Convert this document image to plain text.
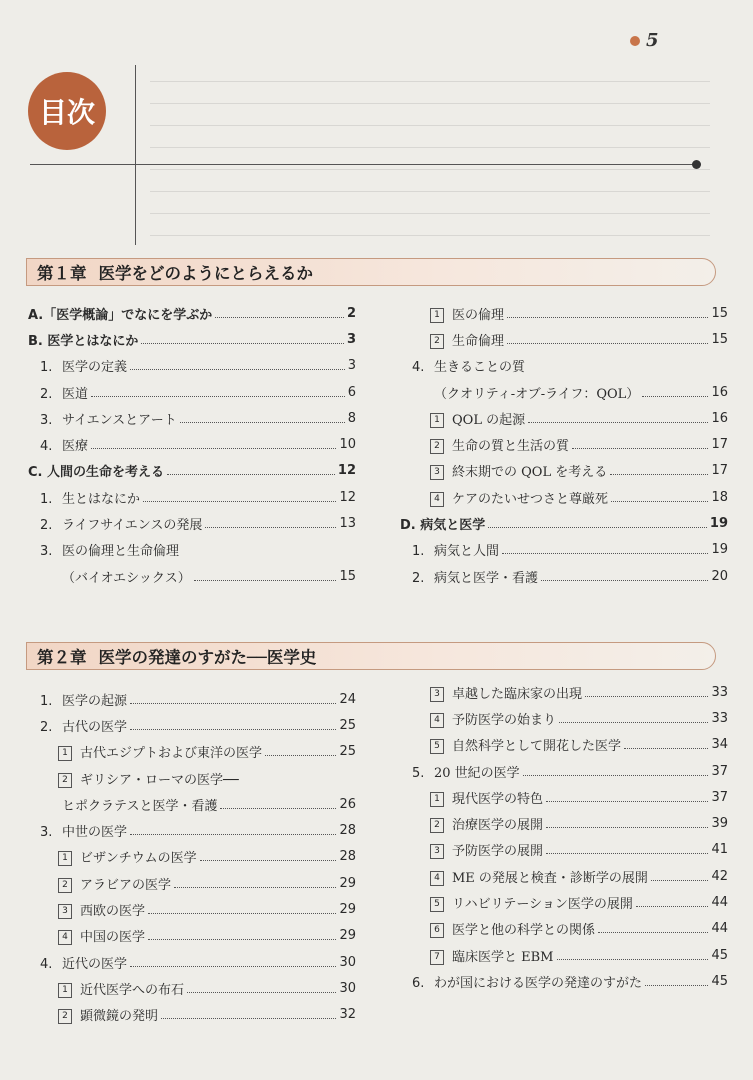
5
目次
第１章 医学をどのようにとらえるか
A.「医学概論」でなにを学ぶか	2
B. 医学とはなにか	3
1. 医学の定義	3
2. 医道	6
3. サイエンスとアート	8
4. 医療	10
C. 人間の生命を考える	12
1. 生とはなにか	12
2. ライフサイエンスの発展	13
3. 医の倫理と生命倫理
（バイオエシックス）	15
1 医の倫理	15
2 生命倫理	15
4. 生きることの質
（クオリティ-オブ-ライフ：QOL）	16
1 QOL の起源	16
2 生命の質と生活の質	17
3 終末期での QOL を考える	17
4 ケアのたいせつさと尊厳死	18
D. 病気と医学	19
1. 病気と人間	19
2. 病気と医学・看護	20
第２章 医学の発達のすがた──医学史
1. 医学の起源	24
2. 古代の医学	25
1 古代エジプトおよび東洋の医学	25
2 ギリシア・ローマの医学──
ヒポクラテスと医学・看護	26
3. 中世の医学	28
1 ビザンチウムの医学	28
2 アラビアの医学	29
3 西欧の医学	29
4 中国の医学	29
4. 近代の医学	30
1 近代医学への布石	30
2 顕微鏡の発明	32
3 卓越した臨床家の出現	33
4 予防医学の始まり	33
5 自然科学として開花した医学	34
5. 20 世紀の医学	37
1 現代医学の特色	37
2 治療医学の展開	39
3 予防医学の展開	41
4 ME の発展と検査・診断学の展開	42
5 リハビリテーション医学の展開	44
6 医学と他の科学との関係	44
7 臨床医学と EBM	45
6. わが国における医学の発達のすがた	45
